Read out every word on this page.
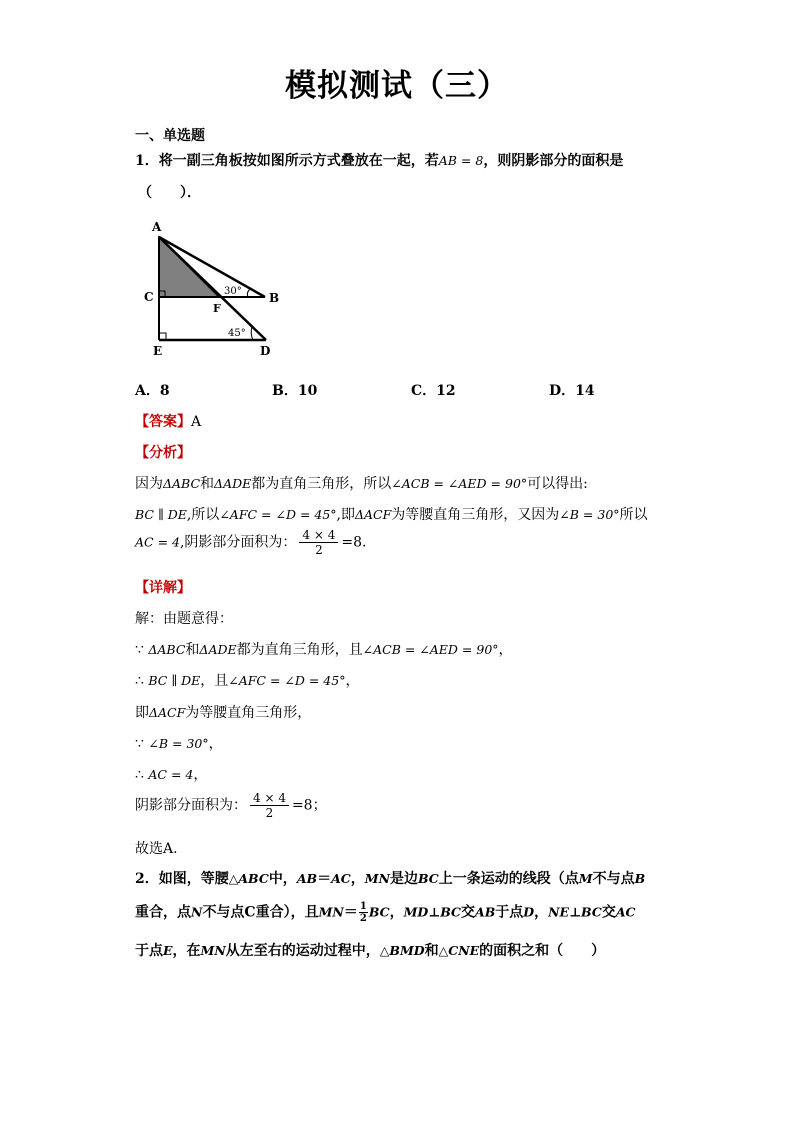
模拟测试（三）
一、单选题
1．将一副三角板按如图所示方式叠放在一起，若AB = 8，则阴影部分的面积是
（　　）．
A
C	B
F
E	D
30°
45°
A．8	B．10	C．12	D．14
【答案】A
【分析】
因为ΔABC和ΔADE都为直角三角形，所以∠ACB = ∠AED = 90°可以得出:
BC ∥ DE,所以∠AFC = ∠D = 45°,即ΔACF为等腰直角三角形，又因为∠B = 30°所以
AC = 4,阴影部分面积为： $\frac{4 \times 4}{2} =8$.
【详解】
解：由题意得：
∵ ΔABC和ΔADE都为直角三角形，且∠ACB = ∠AED = 90°，
∴ BC ∥ DE，且∠AFC = ∠D = 45°，
即ΔACF为等腰直角三角形，
∵ ∠B = 30°，
∴ AC = 4，
阴影部分面积为： $\frac{4 \times 4}{2} =8$；
故选A.
2．如图，等腰△ABC中，AB＝AC，MN是边BC上一条运动的线段（点M不与点B
重合，点N不与点C重合），且$MN= \frac{1}{2}$ BC，MD⊥BC交AB于点D，NE⊥BC交AC
于点E，在MN从左至右的运动过程中，△BMD和△CNE的面积之和（　　）
